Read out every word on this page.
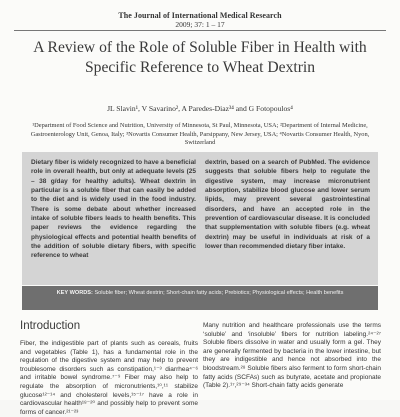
The Journal of International Medical Research
2009; 37: 1 – 17
A Review of the Role of Soluble Fiber in Health with Specific Reference to Wheat Dextrin
JL Slavin¹, V Savarino², A Paredes-Diaz³⁴ and G Fotopoulos⁴
¹Department of Food Science and Nutrition, University of Minnesota, St Paul, Minnesota, USA; ²Department of Internal Medicine, Gastroenterology Unit, Genoa, Italy; ³Novartis Consumer Health, Parsippany, New Jersey, USA; ⁴Novartis Consumer Health, Nyon, Switzerland
Dietary fiber is widely recognized to have a beneficial role in overall health, but only at adequate levels (25 – 38 g/day for healthy adults). Wheat dextrin in particular is a soluble fiber that can easily be added to the diet and is widely used in the food industry. There is some debate about whether increased intake of soluble fibers leads to health benefits. This paper reviews the evidence regarding the physiological effects and potential health benefits of the addition of soluble dietary fibers, with specific reference to wheat
dextrin, based on a search of PubMed. The evidence suggests that soluble fibers help to regulate the digestive system, may increase micronutrient absorption, stabilize blood glucose and lower serum lipids, may prevent several gastrointestinal disorders, and have an accepted role in the prevention of cardiovascular disease. It is concluded that supplementation with soluble fibers (e.g. wheat dextrin) may be useful in individuals at risk of a lower than recommended dietary fiber intake.
KEY WORDS: Soluble fiber; Wheat dextrin; Short-chain fatty acids; Prebiotics; Physiological effects; Health benefits
Introduction
Fiber, the indigestible part of plants such as cereals, fruits and vegetables (Table 1), has a fundamental role in the regulation of the digestive system and may help to prevent troublesome disorders such as constipation,¹⁻³ diarrhea⁴⁻⁶ and irritable bowel syndrome.⁷⁻⁹ Fiber may also help to regulate the absorption of micronutrients,¹⁰,¹¹ stabilize glucose¹²⁻¹⁴ and cholesterol levels,¹⁵⁻¹⁷ have a role in cardiovascular health¹⁸⁻²⁰ and possibly help to prevent some forms of cancer.²¹⁻²³
Many nutrition and healthcare professionals use the terms ‘soluble’ and ‘insoluble’ fibers for nutrition labeling.²⁴⁻²⁷ Soluble fibers dissolve in water and usually form a gel. They are generally fermented by bacteria in the lower intestine, but they are indigestible and hence not absorbed into the bloodstream.²⁸ Soluble fibers also ferment to form short-chain fatty acids (SCFAs) such as butyrate, acetate and propionate (Table 2).¹⁷,²⁹⁻³⁴ Short-chain fatty acids generate
